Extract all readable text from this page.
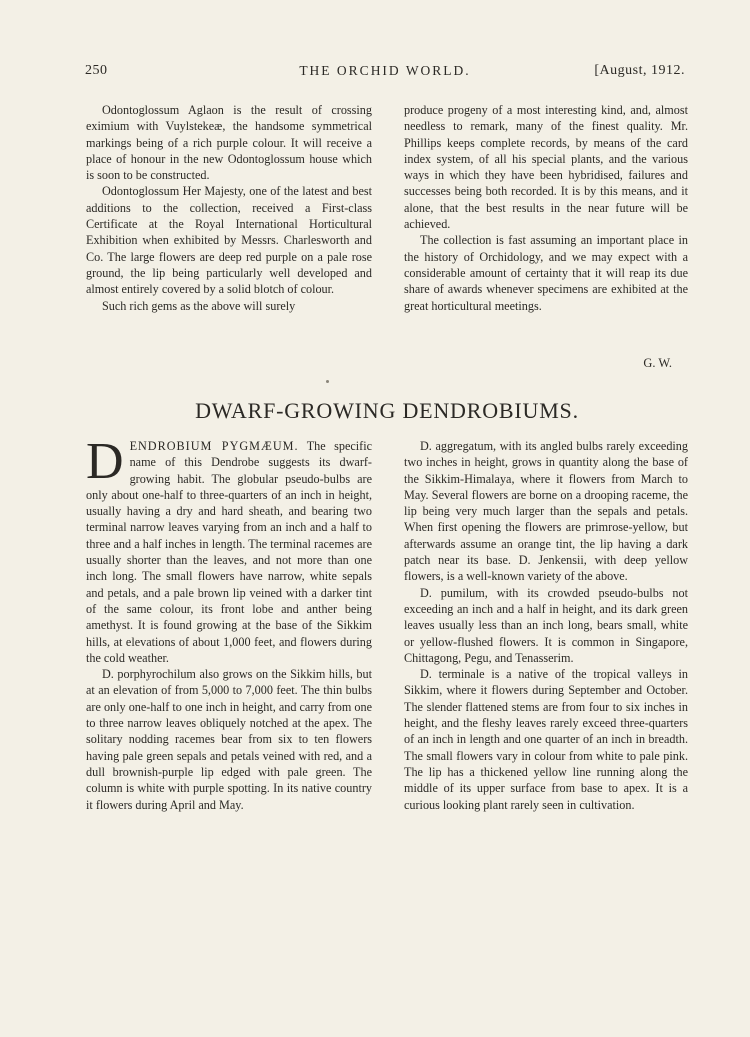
250	THE ORCHID WORLD.	[August, 1912.

Odontoglossum Aglaon is the result of crossing eximium with Vuylstekeæ, the handsome symmetrical markings being of a rich purple colour. It will receive a place of honour in the new Odontoglossum house which is soon to be constructed.

Odontoglossum Her Majesty, one of the latest and best additions to the collection, received a First-class Certificate at the Royal International Horticultural Exhibition when exhibited by Messrs. Charlesworth and Co. The large flowers are deep red purple on a pale rose ground, the lip being particularly well developed and almost entirely covered by a solid blotch of colour.

Such rich gems as the above will surely

produce progeny of a most interesting kind, and, almost needless to remark, many of the finest quality. Mr. Phillips keeps complete records, by means of the card index system, of all his special plants, and the various ways in which they have been hybridised, failures and successes being both recorded. It is by this means, and it alone, that the best results in the near future will be achieved.

The collection is fast assuming an important place in the history of Orchidology, and we may expect with a considerable amount of certainty that it will reap its due share of awards whenever specimens are exhibited at the great horticultural meetings.

G. W.
DWARF-GROWING DENDROBIUMS.

DENDROBIUM PYGMÆUM. The specific name of this Dendrobe suggests its dwarf-growing habit. The globular pseudo-bulbs are only about one-half to three-quarters of an inch in height, usually having a dry and hard sheath, and bearing two terminal narrow leaves varying from an inch and a half to three and a half inches in length. The terminal racemes are usually shorter than the leaves, and not more than one inch long. The small flowers have narrow, white sepals and petals, and a pale brown lip veined with a darker tint of the same colour, its front lobe and anther being amethyst. It is found growing at the base of the Sikkim hills, at elevations of about 1,000 feet, and flowers during the cold weather.

D. porphyrochilum also grows on the Sikkim hills, but at an elevation of from 5,000 to 7,000 feet. The thin bulbs are only one-half to one inch in height, and carry from one to three narrow leaves obliquely notched at the apex. The solitary nodding racemes bear from six to ten flowers having pale green sepals and petals veined with red, and a dull brownish-purple lip edged with pale green. The column is white with purple spotting. In its native country it flowers during April and May.

D. aggregatum, with its angled bulbs rarely exceeding two inches in height, grows in quantity along the base of the Sikkim-Himalaya, where it flowers from March to May. Several flowers are borne on a drooping raceme, the lip being very much larger than the sepals and petals. When first opening the flowers are primrose-yellow, but afterwards assume an orange tint, the lip having a dark patch near its base. D. Jenkensii, with deep yellow flowers, is a well-known variety of the above.

D. pumilum, with its crowded pseudo-bulbs not exceeding an inch and a half in height, and its dark green leaves usually less than an inch long, bears small, white or yellow-flushed flowers. It is common in Singapore, Chittagong, Pegu, and Tenasserim.

D. terminale is a native of the tropical valleys in Sikkim, where it flowers during September and October. The slender flattened stems are from four to six inches in height, and the fleshy leaves rarely exceed three-quarters of an inch in length and one quarter of an inch in breadth. The small flowers vary in colour from white to pale pink. The lip has a thickened yellow line running along the middle of its upper surface from base to apex. It is a curious looking plant rarely seen in cultivation.
